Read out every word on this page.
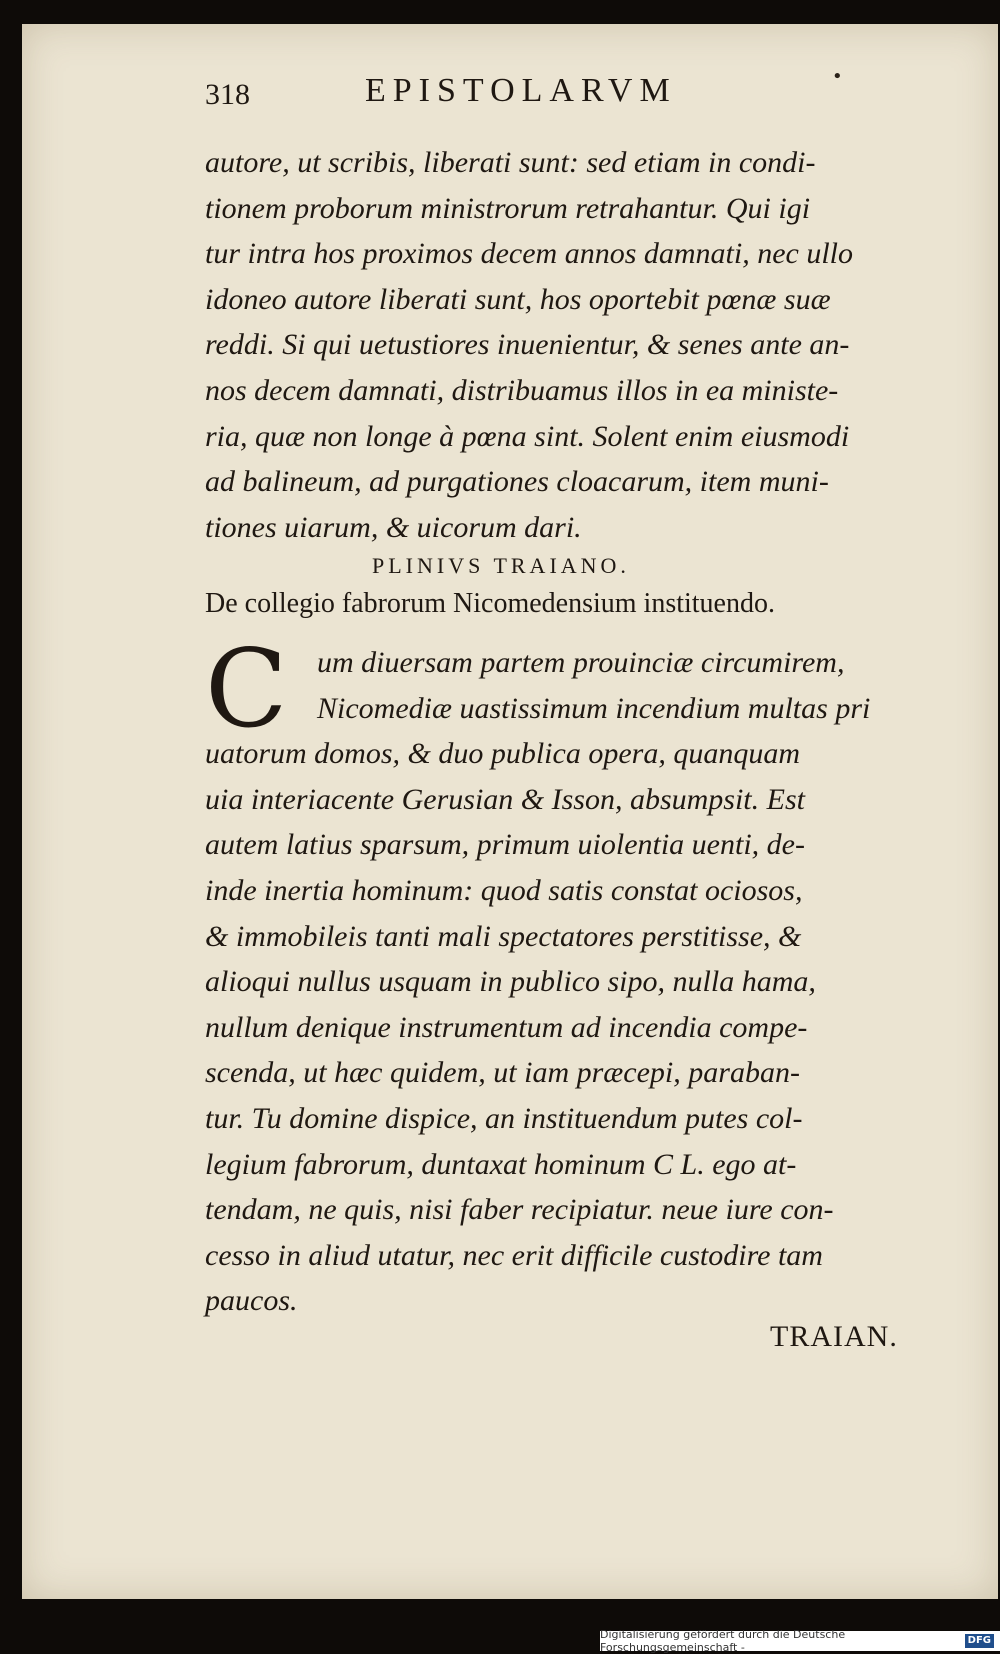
•
318	EPISTOLARVM
autore, ut scribis, liberati sunt: sed etiam in condi-
tionem proborum ministrorum retrahantur. Qui igi
tur intra hos proximos decem annos damnati, nec ullo
idoneo autore liberati sunt, hos oportebit pœnæ suæ
reddi. Si qui uetustiores inuenientur, & senes ante an-
nos decem damnati, distribuamus illos in ea ministe-
ria, quæ non longe à pœna sint. Solent enim eiusmodi
ad balineum, ad purgationes cloacarum, item muni-
tiones uiarum, & uicorum dari.
PLINIVS TRAIANO.
De collegio fabrorum Nicomedensium instituendo.
C um diuersam partem prouinciæ circumirem,
Nicomediæ uastissimum incendium multas pri
uatorum domos, & duo publica opera, quanquam
uia interiacente Gerusian & Isson, absumpsit. Est
autem latius sparsum, primum uiolentia uenti, de-
inde inertia hominum: quod satis constat ociosos,
& immobileis tanti mali spectatores perstitisse, &
alioqui nullus usquam in publico sipo, nulla hama,
nullum denique instrumentum ad incendia compe-
scenda, ut hæc quidem, ut iam præcepi, paraban-
tur. Tu domine dispice, an instituendum putes col-
legium fabrorum, duntaxat hominum C L. ego at-
tendam, ne quis, nisi faber recipiatur. neue iure con-
cesso in aliud utatur, nec erit difficile custodire tam
paucos.
TRAIAN.
Digitalisierung gefördert durch die Deutsche Forschungsgemeinschaft -
DFG
